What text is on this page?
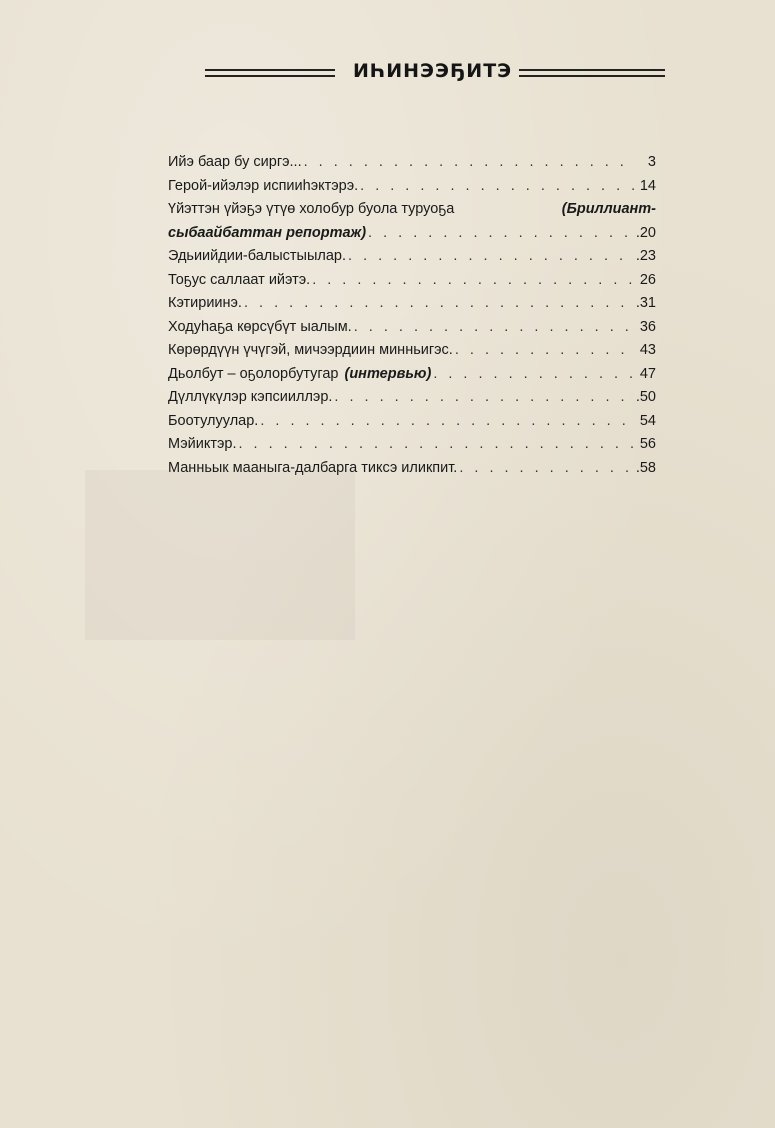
ИҺИНЭЭҔИТЭ
Ийэ баар бу сиргэ... . . .	3
Герой-ийэлэр испииһэктэрэ. . . .	14
Үйэттэн үйэҕэ үтүө холобур буола туруоҕа	(Бриллиант-
сыбаайбаттан репортаж) . . .	.20
Эдьиийдии-балыстыылар. . . .	.23
Тоҕус саллаат ийэтэ. . . .	26
Кэтириинэ. . . .	.31
Ходуһаҕа көрсүбүт ыалым. . . .	36
Көрөрдүүн үчүгэй, мичээрдиин минньигэс. . . .	43
Дьолбут – оҕолорбутугар (интервью) . . .	47
Дүллүкүлэр кэпсииллэр. . . .	.50
Боотулуулар. . . .	54
Мэйиктэр. . . .	56
Манньык мааныга-далбарга тиксэ иликпит. . . .	.58
